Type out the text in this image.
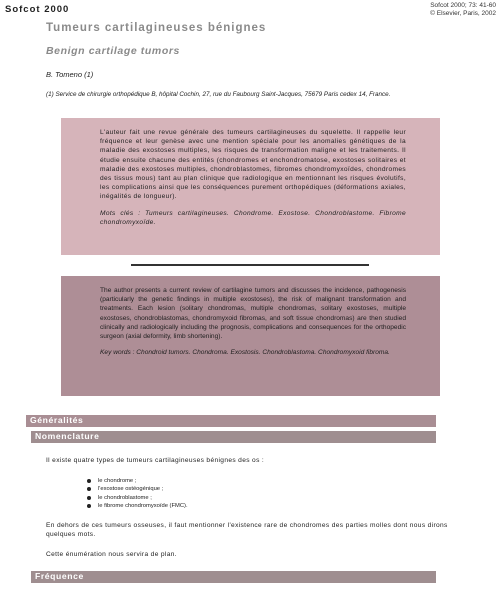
Sofcot 2000	Sofcot 2000; 73: 41-60
© Elsevier, Paris, 2002
Tumeurs cartilagineuses bénignes
Benign cartilage tumors
B. Tomeno (1)
(1) Service de chirurgie orthopédique B, hôpital Cochin, 27, rue du Faubourg Saint-Jacques, 75679 Paris cedex 14, France.

L'auteur fait une revue générale des tumeurs cartilagineuses du squelette. Il rappelle leur fréquence et leur genèse avec une mention spéciale pour les anomalies génétiques de la maladie des exostoses multiples, les risques de transformation maligne et les traitements. Il étudie ensuite chacune des entités (chondromes et enchondromatose, exostoses solitaires et maladie des exostoses multiples, chondroblastomes, fibromes chondromyxoïdes, chondromes des tissus mous) tant au plan clinique que radiologique en mentionnant les risques évolutifs, les complications ainsi que les conséquences purement orthopédiques (déformations axiales, inégalités de longueur).

Mots clés : Tumeurs cartilagineuses. Chondrome. Exostose. Chondroblastome. Fibrome chondromyxoïde.

The author presents a current review of cartilagine tumors and discusses the incidence, pathogenesis (particularly the genetic findings in multiple exostoses), the risk of malignant transformation and treatments. Each lesion (solitary chondromas, multiple chondromas, solitary exostoses, multiple exostoses, chondroblastomas, chondromyxoid fibromas, and soft tissue chondromas) are then studied clinically and radiologically including the prognosis, complications and consequences for the orthopedic surgeon (axial deformity, limb shortening).

Key words : Chondroid tumors. Chondroma. Exostosis. Chondroblastoma. Chondromyxoid fibroma.

Généralités
Nomenclature
Il existe quatre types de tumeurs cartilagineuses bénignes des os :
le chondrome ;
l'exostose ostéogénique ;
le chondroblastome ;
le fibrome chondromyxoïde (FMC).
En dehors de ces tumeurs osseuses, il faut mentionner l'existence rare de chondromes des parties molles dont nous dirons quelques mots.
Cette énumération nous servira de plan.
Fréquence
